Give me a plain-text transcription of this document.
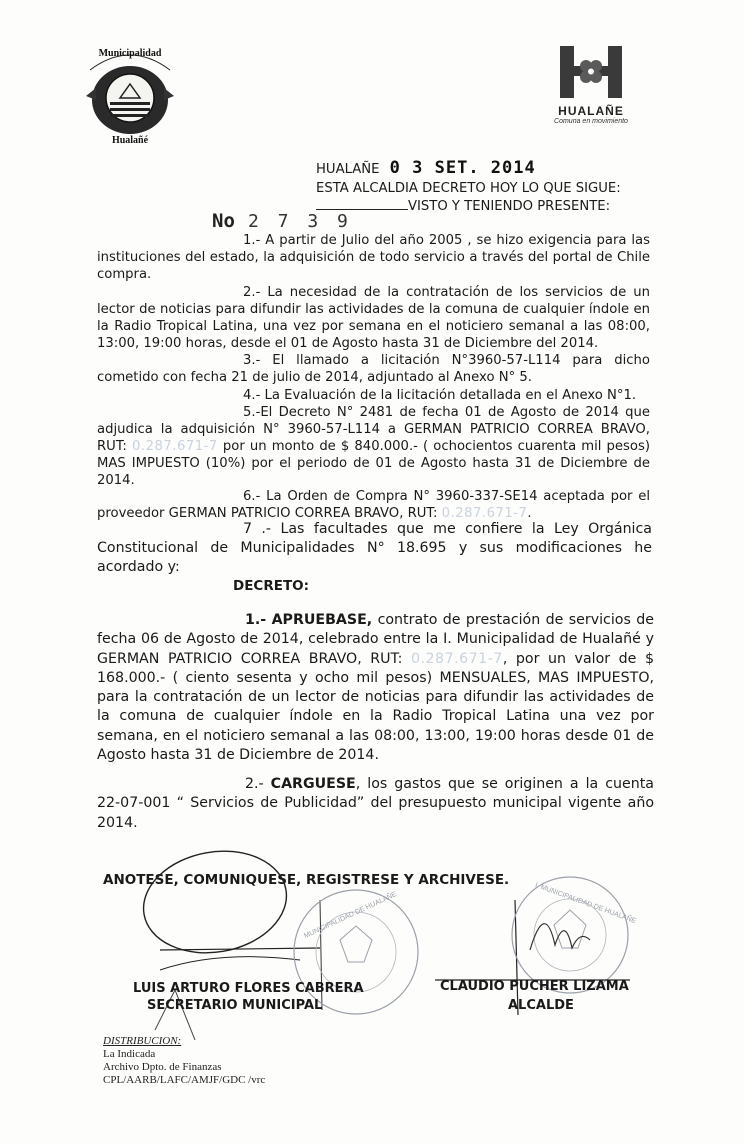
Municipalidad
Hualañé
HUALAÑE
Comuna en movimiento
HUALAÑE 0 3 SET. 2014
ESTA ALCALDIA DECRETO HOY LO QUE SIGUE:
VISTO Y TENIENDO PRESENTE:
No 2 7 3 9
1.- A partir de Julio del año 2005 , se hizo exigencia para las instituciones del estado, la adquisición de todo servicio a través del portal de Chile compra.
2.- La necesidad de la contratación de los servicios de un lector de noticias para difundir las actividades de la comuna de cualquier índole en la Radio Tropical Latina, una vez por semana en el noticiero semanal a las 08:00, 13:00, 19:00 horas, desde el 01 de Agosto hasta 31 de Diciembre del 2014.
3.- El llamado a licitación N°3960-57-L114 para dicho cometido con fecha 21 de julio de 2014, adjuntado al Anexo N° 5.
4.- La Evaluación de la licitación detallada en el Anexo N°1.
5.-El Decreto N° 2481 de fecha 01 de Agosto de 2014 que adjudica la adquisición N° 3960-57-L114 a GERMAN PATRICIO CORREA BRAVO, RUT: 0.287.671-7 por un monto de $ 840.000.- ( ochocientos cuarenta mil pesos) MAS IMPUESTO (10%) por el periodo de 01 de Agosto hasta 31 de Diciembre de 2014.
6.- La Orden de Compra N° 3960-337-SE14 aceptada por el proveedor GERMAN PATRICIO CORREA BRAVO, RUT: 0.287.671-7.
7 .- Las facultades que me confiere la Ley Orgánica Constitucional de Municipalidades N° 18.695 y sus modificaciones he acordado y:
DECRETO:
1.- APRUEBASE, contrato de prestación de servicios de fecha 06 de Agosto de 2014, celebrado entre la I. Municipalidad de Hualañé y GERMAN PATRICIO CORREA BRAVO, RUT: 0.287.671-7, por un valor de $ 168.000.- ( ciento sesenta y ocho mil pesos) MENSUALES, MAS IMPUESTO, para la contratación de un lector de noticias para difundir las actividades de la comuna de cualquier índole en la Radio Tropical Latina una vez por semana, en el noticiero semanal a las 08:00, 13:00, 19:00 horas desde 01 de Agosto hasta 31 de Diciembre de 2014.
2.- CARGUESE, los gastos que se originen a la cuenta 22-07-001 “ Servicios de Publicidad” del presupuesto municipal vigente año 2014.
ANOTESE, COMUNIQUESE, REGISTRESE Y ARCHIVESE.
MUNICIPALIDAD DE HUALAÑE	I. MUNICIPALIDAD DE HUALAÑE
LUIS ARTURO FLORES CABRERA
SECRETARIO MUNICIPAL
CLAUDIO PUCHER LIZAMA
ALCALDE
DISTRIBUCION:
La Indicada
Archivo Dpto. de Finanzas
CPL/AARB/LAFC/AMJF/GDC /vrc
